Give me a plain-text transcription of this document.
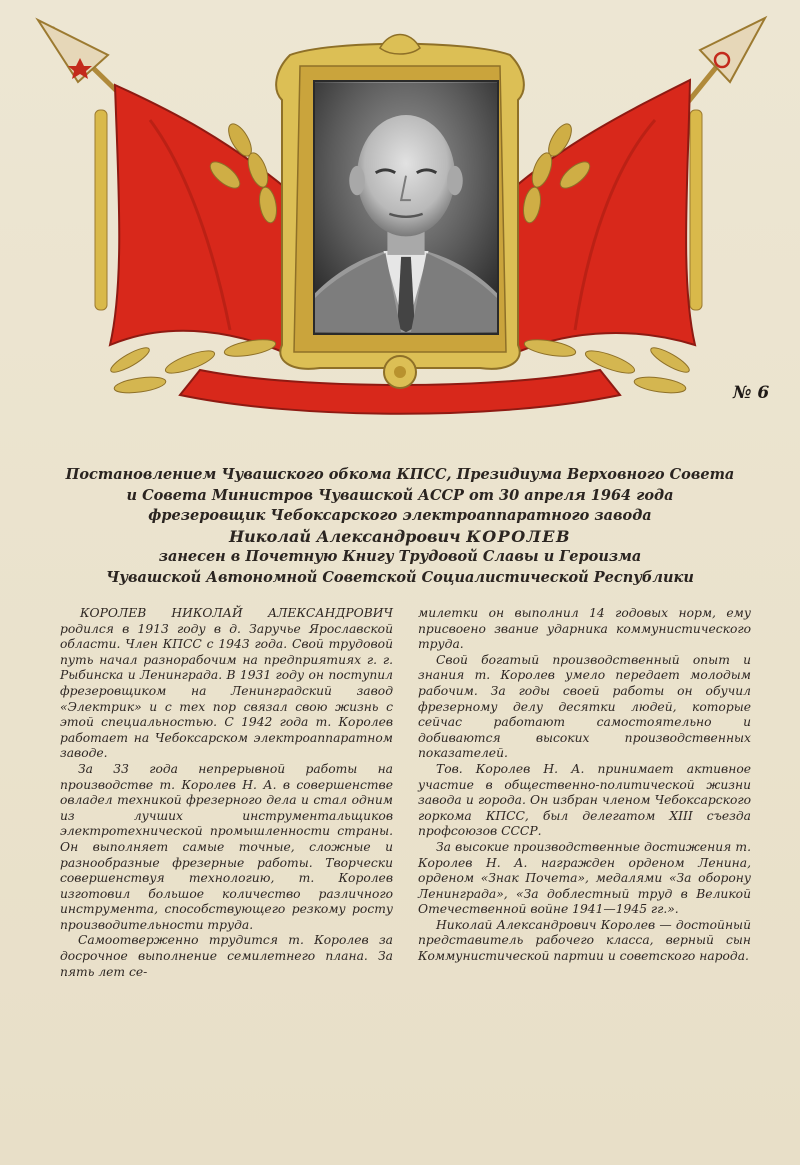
№ 6
Постановлением Чувашского обкома КПСС, Президиума Верховного Совета
и Совета Министров Чувашской АССР от 30 апреля 1964 года
фрезеровщик Чебоксарского электроаппаратного завода
Николай Александрович КОРОЛЕВ
занесен в Почетную Книгу Трудовой Славы и Героизма
Чувашской Автономной Советской Социалистической Республики

КОРОЛЕВ НИКОЛАЙ АЛЕКСАНДРОВИЧ родился в 1913 году в д. Заручье Ярославской области. Член КПСС с 1943 года. Свой трудовой путь начал разнорабочим на предприятиях г. г. Рыбинска и Ленинграда. В 1931 году он поступил фрезеровщиком на Ленинградский завод «Электрик» и с тех пор связал свою жизнь с этой специальностью. С 1942 года т. Королев работает на Чебоксарском электроаппаратном заводе.

За 33 года непрерывной работы на производстве т. Королев Н. А. в совершенстве овладел техникой фрезерного дела и стал одним из лучших инструментальщиков электротехнической промышленности страны. Он выполняет самые точные, сложные и разнообразные фрезерные работы. Творчески совершенствуя технологию, т. Королев изготовил большое количество различного инструмента, способствующего резкому росту производительности труда.

Самоотверженно трудится т. Королев за досрочное выполнение семилетнего плана. За пять лет се-

милетки он выполнил 14 годовых норм, ему присвоено звание ударника коммунистического труда.

Свой богатый производственный опыт и знания т. Королев умело передает молодым рабочим. За годы своей работы он обучил фрезерному делу десятки людей, которые сейчас работают самостоятельно и добиваются высоких производственных показателей.

Тов. Королев Н. А. принимает активное участие в общественно-политической жизни завода и города. Он избран членом Чебоксарского горкома КПСС, был делегатом XIII съезда профсоюзов СССР.

За высокие производственные достижения т. Королев Н. А. награжден орденом Ленина, орденом «Знак Почета», медалями «За оборону Ленинграда», «За доблестный труд в Великой Отечественной войне 1941—1945 гг.».

Николай Александрович Королев — достойный представитель рабочего класса, верный сын Коммунистической партии и советского народа.
